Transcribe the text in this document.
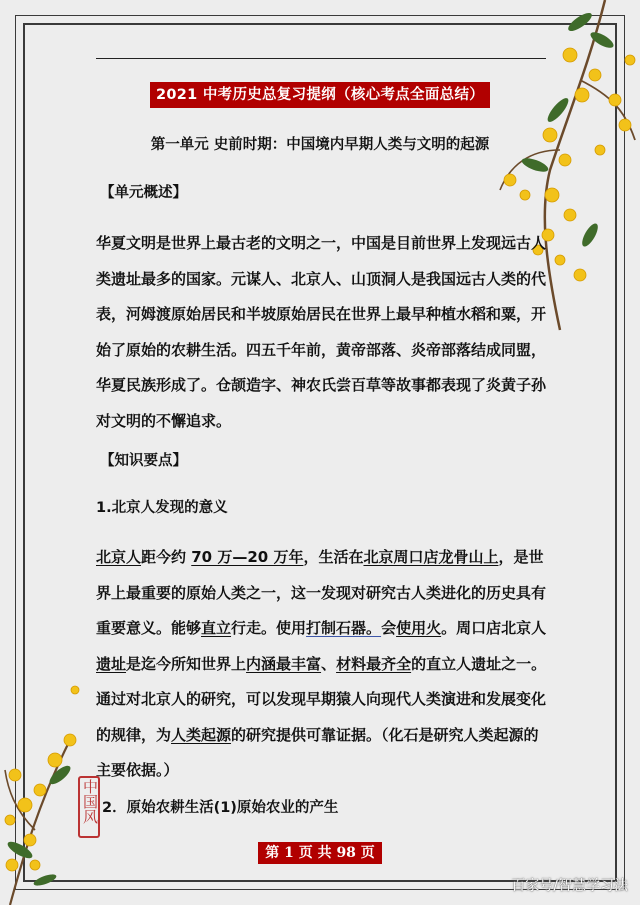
2021 中考历史总复习提纲（核心考点全面总结）
第一单元 史前时期：中国境内早期人类与文明的起源
【单元概述】
华夏文明是世界上最古老的文明之一，中国是目前世界上发现远古人
类遗址最多的国家。元谋人、北京人、山顶洞人是我国远古人类的代
表，河姆渡原始居民和半坡原始居民在世界上最早种植水稻和粟，开
始了原始的农耕生活。四五千年前，黄帝部落、炎帝部落结成同盟，
华夏民族形成了。仓颉造字、神农氏尝百草等故事都表现了炎黄子孙
对文明的不懈追求。
【知识要点】
1.北京人发现的意义
北京人距今约 70 万—20 万年，生活在北京周口店龙骨山上，是世
界上最重要的原始人类之一，这一发现对研究古人类进化的历史具有
重要意义。能够直立行走。使用打制石器。会使用火。周口店北京人
遗址是迄今所知世界上内涵最丰富、材料最齐全的直立人遗址之一。
通过对北京人的研究，可以发现早期猿人向现代人类演进和发展变化
的规律，为人类起源的研究提供可靠证据。（化石是研究人类起源的
主要依据。）
2．原始农耕生活(1)原始农业的产生
中国风
第 1 页 共 98 页
百家号/智慧学习法
